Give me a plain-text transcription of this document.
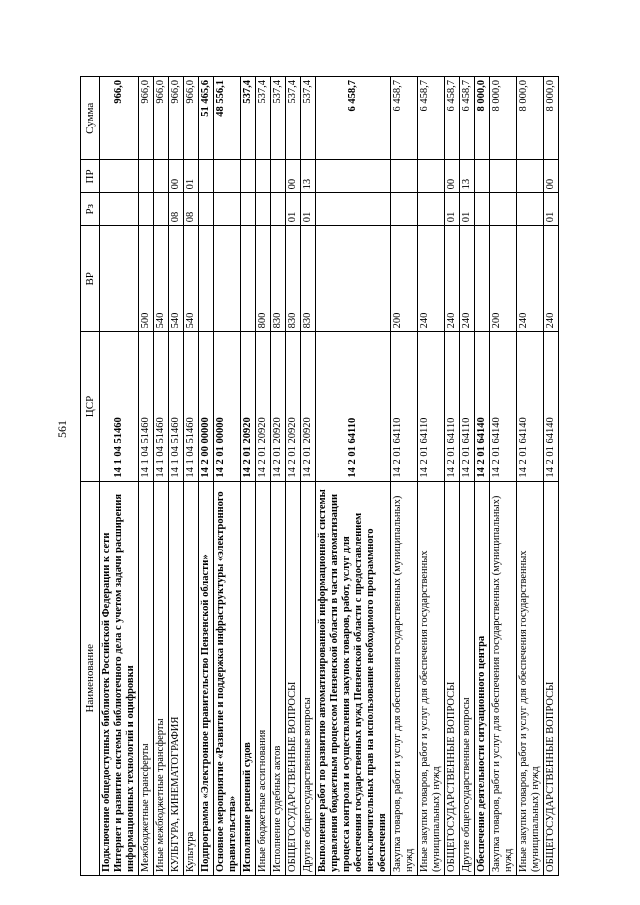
561
Наименование	ЦСР	ВР	Рз	ПР	Сумма
Подключение общедоступных библиотек Российской Федерации к сети Интернет и развитие системы библиотечного дела с учетом задачи расширения информационных технологий и оцифровки	14 1 04 51460				966,0
Межбюджетные трансферты	14 1 04 51460	500			966,0
Иные межбюджетные трансферты	14 1 04 51460	540			966,0
КУЛЬТУРА, КИНЕМАТОГРАФИЯ	14 1 04 51460	540	08	00	966,0
Культура	14 1 04 51460	540	08	01	966,0
Подпрограмма «Электронное правительство Пензенской области»	14 2 00 00000				51 465,6
Основное мероприятие «Развитие и поддержка инфраструктуры «электронного правительства»	14 2 01 00000				48 556,1
Исполнение решений судов	14 2 01 20920				537,4
Иные бюджетные ассигнования	14 2 01 20920	800			537,4
Исполнение судебных актов	14 2 01 20920	830			537,4
ОБЩЕГОСУДАРСТВЕННЫЕ ВОПРОСЫ	14 2 01 20920	830	01	00	537,4
Другие общегосударственные вопросы	14 2 01 20920	830	01	13	537,4
Выполнение работ по развитию автоматизированной информационной системы управления бюджетным процессом Пензенской области в части автоматизации процесса контроля и осуществления закупок товаров, работ, услуг для обеспечения государственных нужд Пензенской области с предоставлением неисключительных прав на использование необходимого программного обеспечения	14 2 01 64110				6 458,7
Закупка товаров, работ и услуг для обеспечения государственных (муниципальных) нужд	14 2 01 64110	200			6 458,7
Иные закупки товаров, работ и услуг для обеспечения государственных (муниципальных) нужд	14 2 01 64110	240			6 458,7
ОБЩЕГОСУДАРСТВЕННЫЕ ВОПРОСЫ	14 2 01 64110	240	01	00	6 458,7
Другие общегосударственные вопросы	14 2 01 64110	240	01	13	6 458,7
Обеспечение деятельности ситуационного центра	14 2 01 64140				8 000,0
Закупка товаров, работ и услуг для обеспечения государственных (муниципальных) нужд	14 2 01 64140	200			8 000,0
Иные закупки товаров, работ и услуг для обеспечения государственных (муниципальных) нужд	14 2 01 64140	240			8 000,0
ОБЩЕГОСУДАРСТВЕННЫЕ ВОПРОСЫ	14 2 01 64140	240	01	00	8 000,0
